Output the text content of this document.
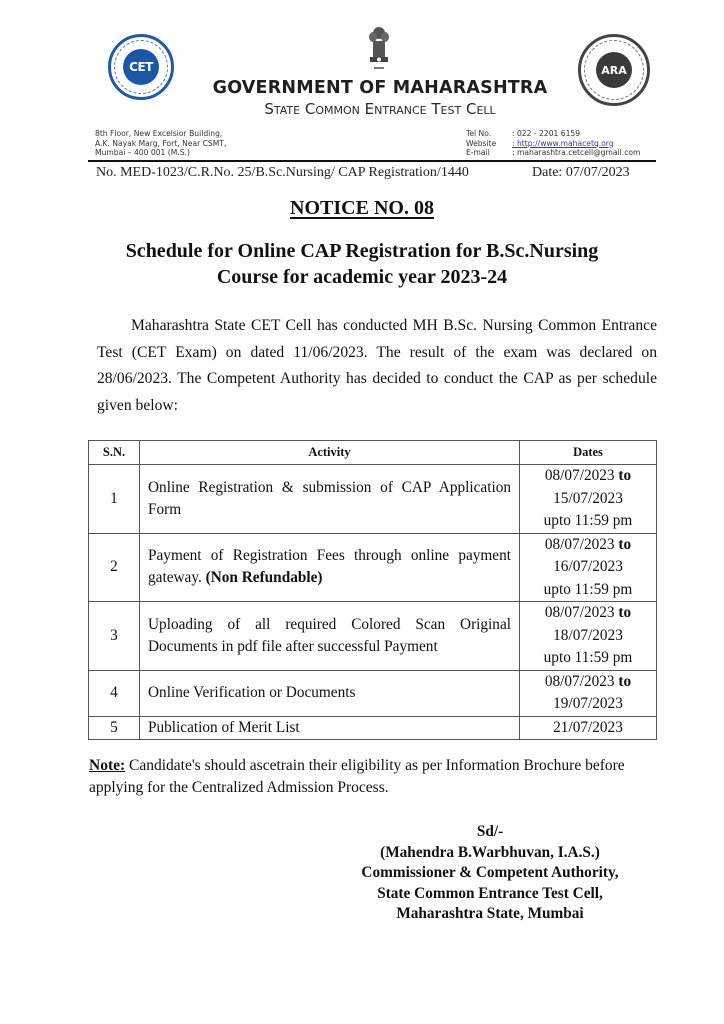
CET	ARA
GOVERNMENT OF MAHARASHTRA
State Common Entrance Test Cell
8th Floor, New Excelsior Building,
A.K. Nayak Marg, Fort, Near CSMT,
Mumbai – 400 001 (M.S.)
Tel No.	: 022 - 2201 6159
Website	: http://www.mahacetq.org
E-mail	: maharashtra.cetcell@gmail.com
No. MED-1023/C.R.No. 25/B.Sc.Nursing/ CAP Registration/1440	Date: 07/07/2023
NOTICE NO. 08
Schedule for Online CAP Registration for B.Sc.Nursing
Course for academic year 2023-24
Maharashtra State CET Cell has conducted MH B.Sc. Nursing Common Entrance Test (CET Exam) on dated 11/06/2023. The result of the exam was declared on 28/06/2023. The Competent Authority has decided to conduct the CAP as per schedule given below:
S.N.	Activity	Dates
1	Online Registration & submission of CAP Application Form	08/07/2023 to
15/07/2023
upto 11:59 pm

2	Payment of Registration Fees through online payment gateway. (Non Refundable)	08/07/2023 to
16/07/2023
upto 11:59 pm

3	Uploading of all required Colored Scan Original Documents in pdf file after successful Payment	08/07/2023 to
18/07/2023
upto 11:59 pm

4	Online Verification or Documents	08/07/2023 to
19/07/2023

5	Publication of Merit List	21/07/2023
Note: Candidate's should ascetrain their eligibility as per Information Brochure before applying for the Centralized Admission Process.
Sd/-
(Mahendra B.Warbhuvan, I.A.S.)
Commissioner & Competent Authority,
State Common Entrance Test Cell,
Maharashtra State, Mumbai
